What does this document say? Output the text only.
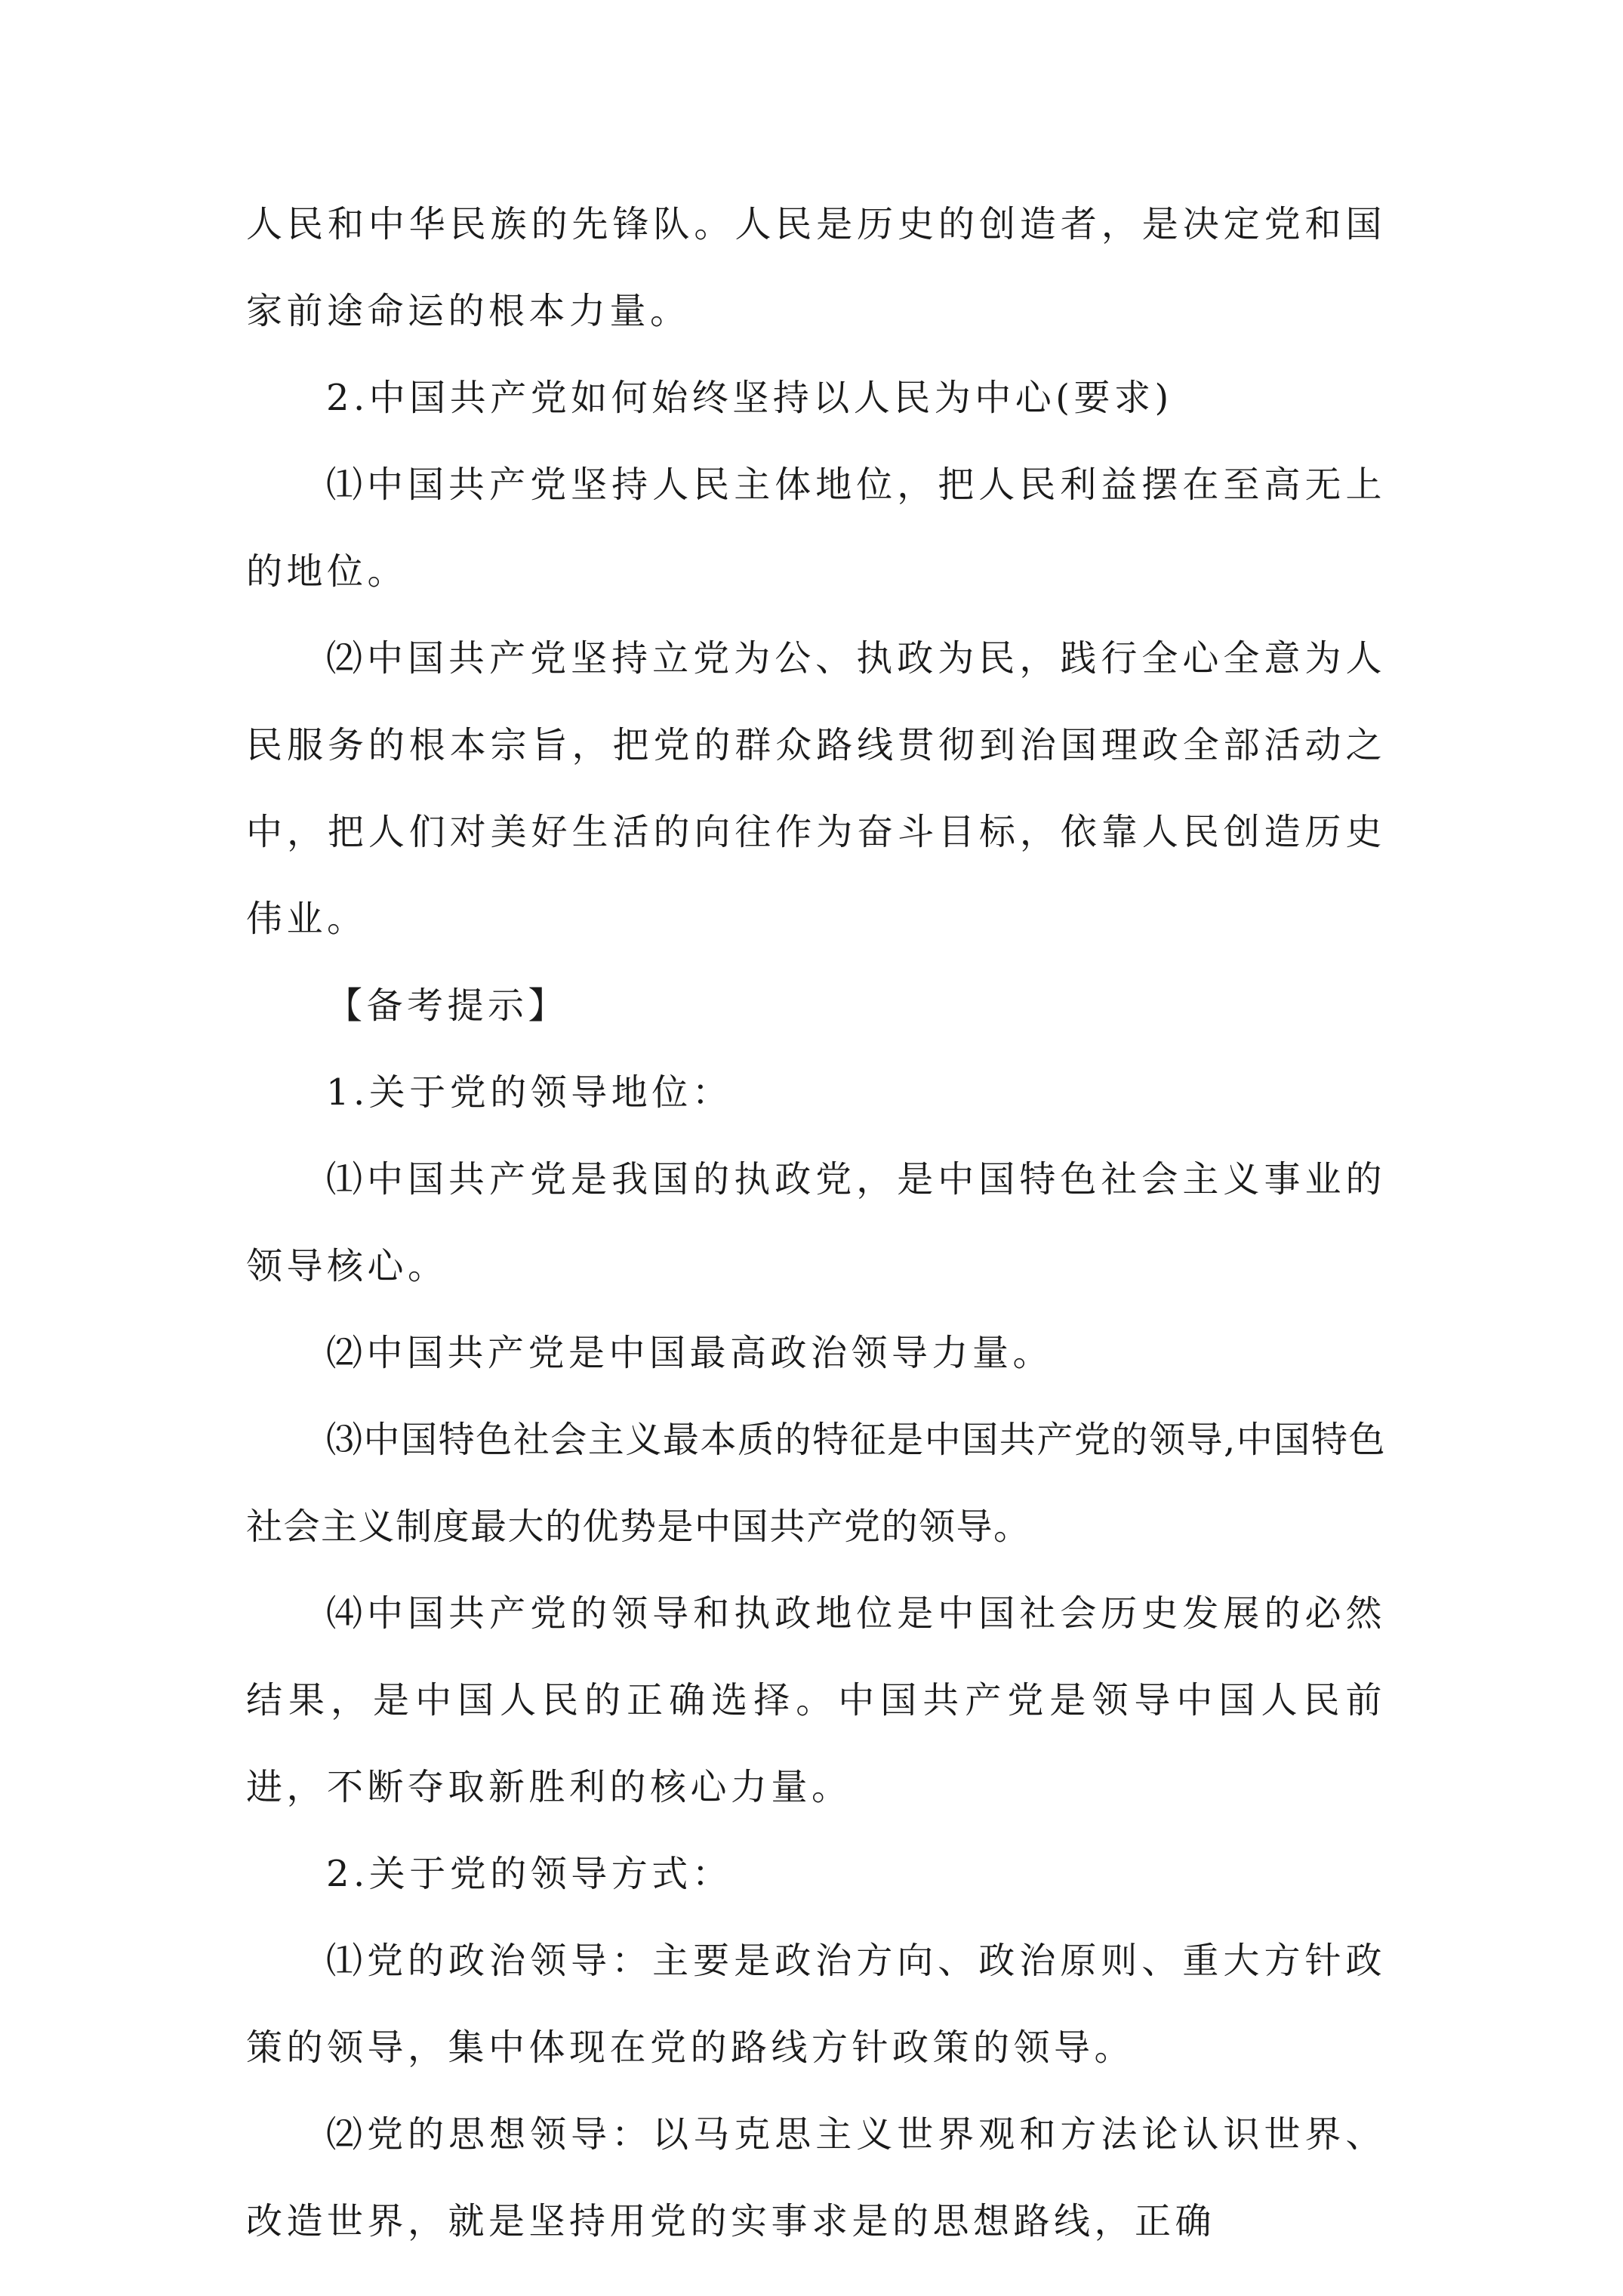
人民和中华民族的先锋队。人民是历史的创造者，是决定党和国家前途命运的根本力量。

2.中国共产党如何始终坚持以人民为中心(要求)

⑴中国共产党坚持人民主体地位，把人民利益摆在至高无上的地位。

⑵中国共产党坚持立党为公、执政为民，践行全心全意为人民服务的根本宗旨，把党的群众路线贯彻到治国理政全部活动之中，把人们对美好生活的向往作为奋斗目标，依靠人民创造历史伟业。

【备考提示】

1.关于党的领导地位：

⑴中国共产党是我国的执政党，是中国特色社会主义事业的领导核心。

⑵中国共产党是中国最高政治领导力量。

⑶中国特色社会主义最本质的特征是中国共产党的领导,中国特色社会主义制度最大的优势是中国共产党的领导。

⑷中国共产党的领导和执政地位是中国社会历史发展的必然结果，是中国人民的正确选择。中国共产党是领导中国人民前进，不断夺取新胜利的核心力量。

2.关于党的领导方式：

⑴党的政治领导：主要是政治方向、政治原则、重大方针政策的领导，集中体现在党的路线方针政策的领导。

⑵党的思想领导：以马克思主义世界观和方法论认识世界、改造世界，就是坚持用党的实事求是的思想路线，正确
